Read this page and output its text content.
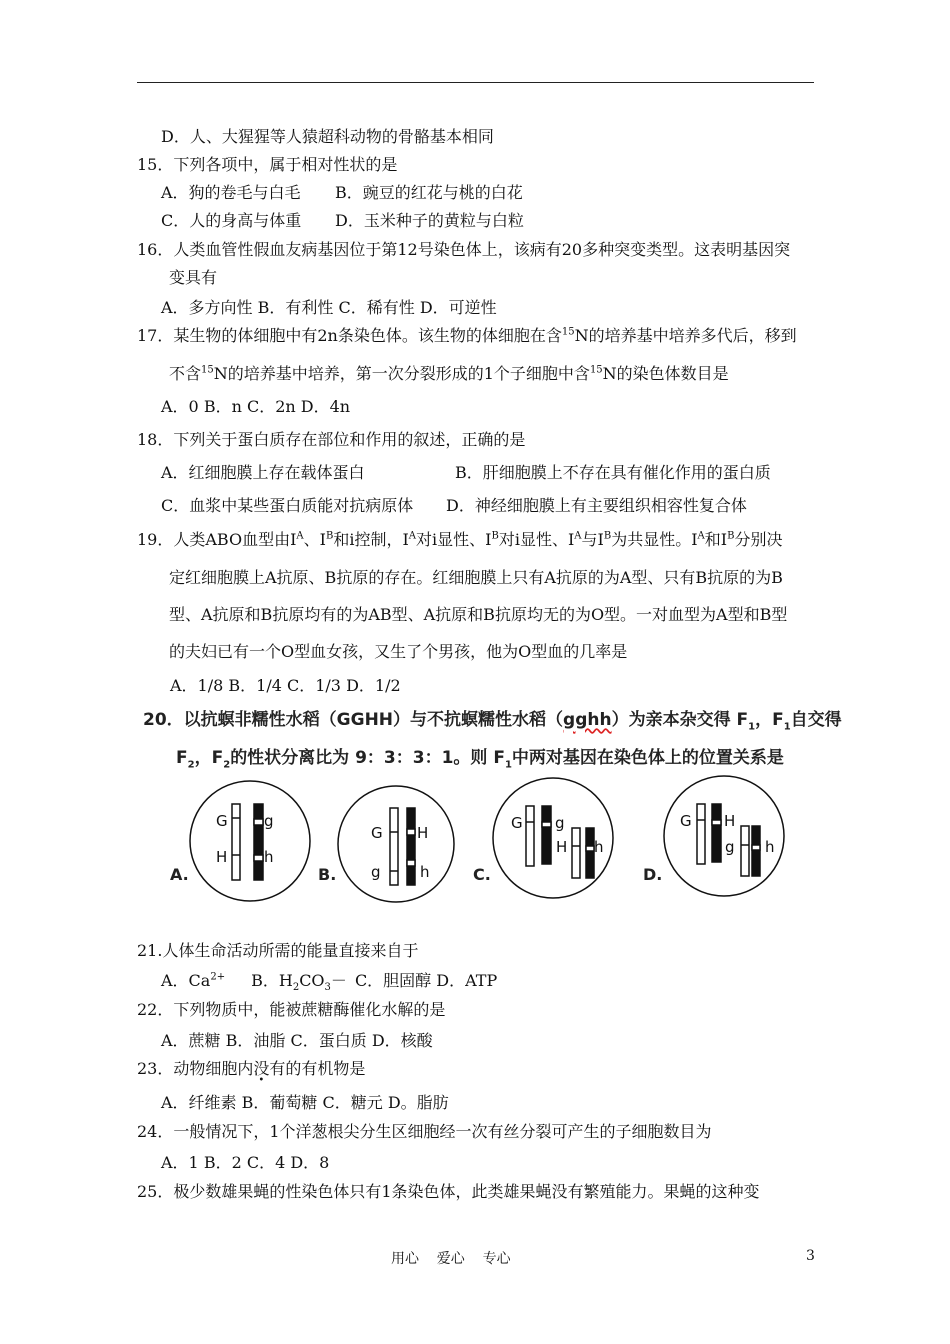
D．人、大猩猩等人猿超科动物的骨骼基本相同
15．下列各项中，属于相对性状的是
A．狗的卷毛与白毛 B．豌豆的红花与桃的白花
C．人的身高与体重 D．玉米种子的黄粒与白粒
16．人类血管性假血友病基因位于第12号染色体上，该病有20多种突变类型。这表明基因突
变具有
A．多方向性 B．有利性 C．稀有性 D．可逆性
17．某生物的体细胞中有2n条染色体。该生物的体细胞在含$^{15}$N的培养基中培养多代后，移到
不含$^{15}$N的培养基中培养，第一次分裂形成的1个子细胞中含$^{15}$N的染色体数目是
A．0 B．n C．2n D．4n
18．下列关于蛋白质存在部位和作用的叙述，正确的是
A．红细胞膜上存在载体蛋白	B．肝细胞膜上不存在具有催化作用的蛋白质
C．血浆中某些蛋白质能对抗病原体 D．神经细胞膜上有主要组织相容性复合体
19．人类ABO血型由$I^A$、$I^B$和i控制，$I^A$对i显性、$I^B$对i显性、$I^A$与$I^B$为共显性。$I^A$和$I^B$分别决
定红细胞膜上A抗原、B抗原的存在。红细胞膜上只有A抗原的为A型、只有B抗原的为B
型、A抗原和B抗原均有的为AB型、A抗原和B抗原均无的为O型。一对血型为A型和B型
的夫妇已有一个O型血女孩，又生了个男孩，他为O型血的几率是
A．1/8 B．1/4 C．1/3 D．1/2
20．以抗螟非糯性水稻（GGHH）与不抗螟糯性水稻（gghh）为亲本杂交得 $F_1$，$F_1$自交得
$F_2$，$F_2$的性状分离比为 9：3：3：1。则 $F_1$中两对基因在染色体上的位置关系是
G
H
g
h
G
g
H
h
G g
H h
G H
g h
A.	B.	C.	D.
21.人体生命活动所需的能量直接来自于
A．$Ca^{2+}$ B．$H_2CO_3- C$．胆固醇 D．ATP
22．下列物质中，能被蔗糖酶催化水解的是
A．蔗糖 B．油脂 C．蛋白质 D．核酸
23．动物细胞内没有的有机物是
A．纤维素 B．葡萄糖 C．糖元 D。脂肪
24．一般情况下，1个洋葱根尖分生区细胞经一次有丝分裂可产生的子细胞数目为
A．1 B．2 C．4 D．8
25．极少数雄果蝇的性染色体只有1条染色体，此类雄果蝇没有繁殖能力。果蝇的这种变
用心    爱心    专心	3
